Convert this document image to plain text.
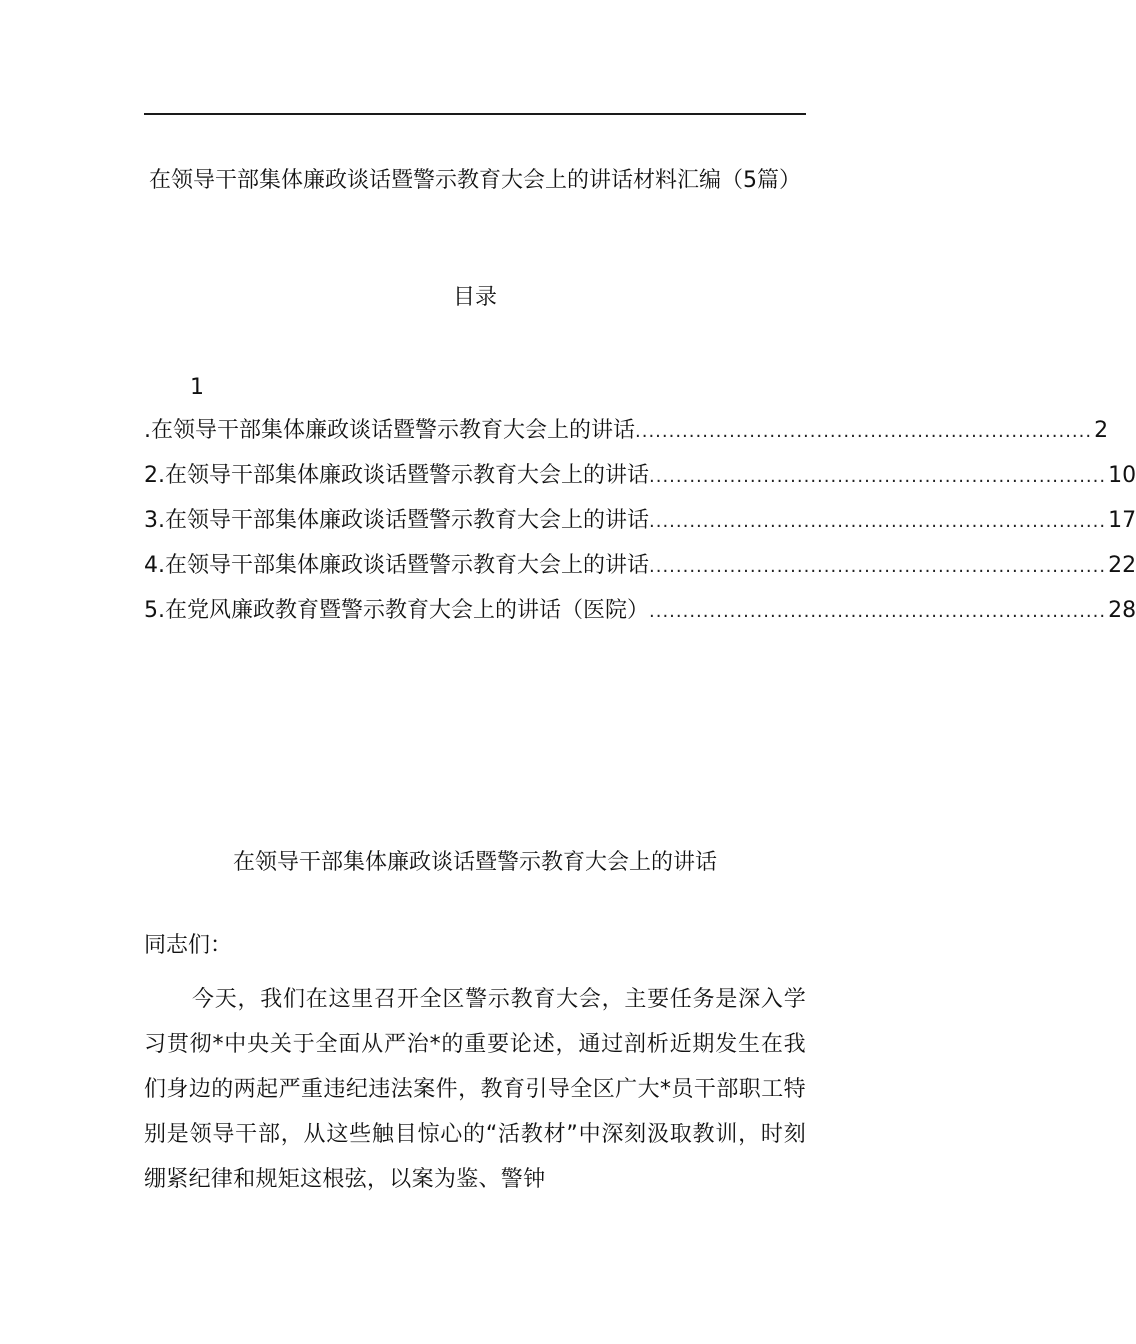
在领导干部集体廉政谈话暨警示教育大会上的讲话材料汇编（5篇）
目录
1
.在领导干部集体廉政谈话暨警示教育大会上的讲话 .................................................................... 2
2.在领导干部集体廉政谈话暨警示教育大会上的讲话 .................................................................... 10
3.在领导干部集体廉政谈话暨警示教育大会上的讲话 .................................................................... 17
4.在领导干部集体廉政谈话暨警示教育大会上的讲话 .................................................................... 22
5.在党风廉政教育暨警示教育大会上的讲话（医院） .................................................................... 28
在领导干部集体廉政谈话暨警示教育大会上的讲话
同志们：

今天，我们在这里召开全区警示教育大会，主要任务是深入学习贯彻*中央关于全面从严治*的重要论述，通过剖析近期发生在我们身边的两起严重违纪违法案件，教育引导全区广大*员干部职工特别是领导干部，从这些触目惊心的“活教材”中深刻汲取教训，时刻绷紧纪律和规矩这根弦，以案为鉴、警钟
